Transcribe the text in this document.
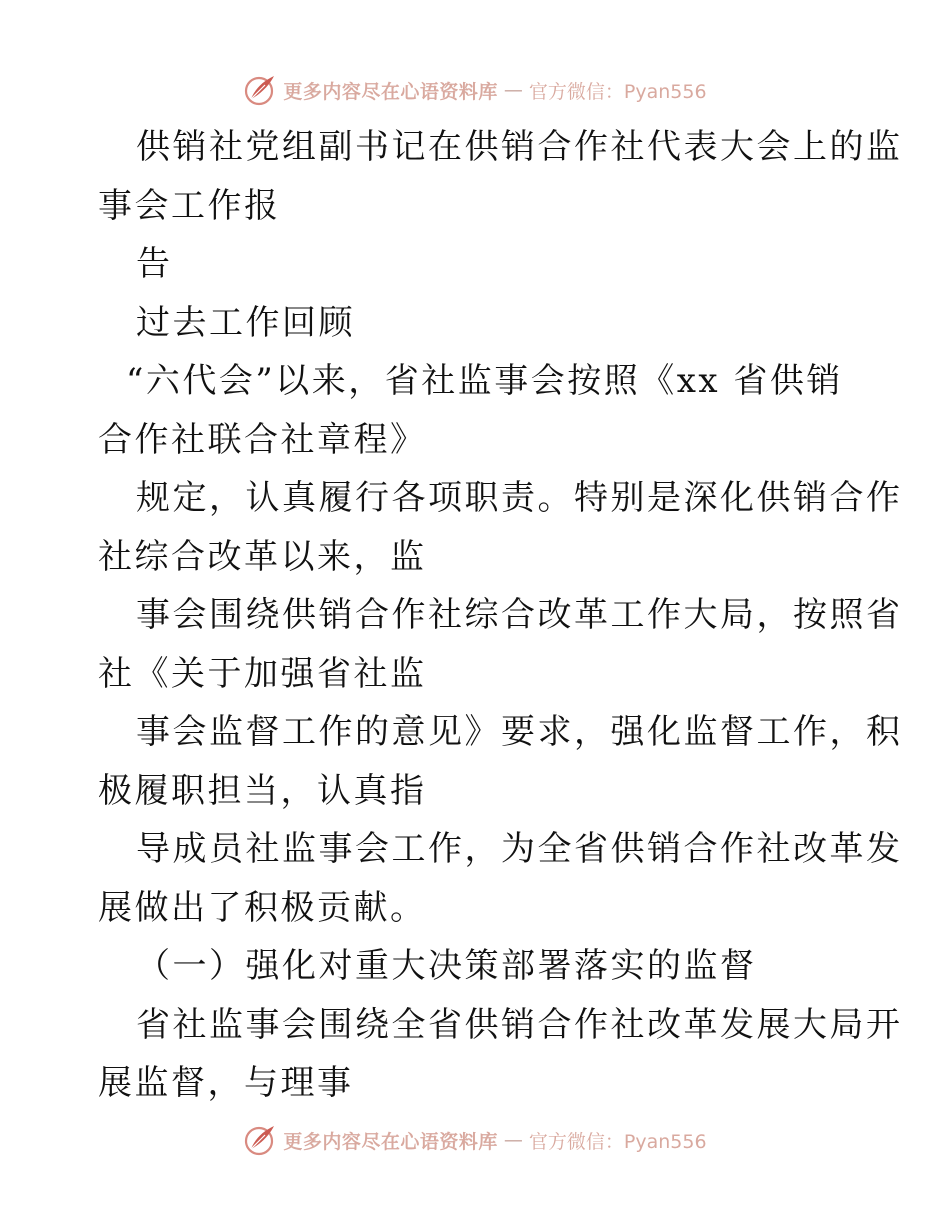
更多内容尽在心语资料库 — 官方微信：Pyan556
供销社党组副书记在供销合作社代表大会上的监
事会工作报
告
过去工作回顾
“六代会”以来，省社监事会按照《xx 省供销
合作社联合社章程》
规定，认真履行各项职责。特别是深化供销合作
社综合改革以来，监
事会围绕供销合作社综合改革工作大局，按照省
社《关于加强省社监
事会监督工作的意见》要求，强化监督工作，积
极履职担当，认真指
导成员社监事会工作，为全省供销合作社改革发
展做出了积极贡献。
（一）强化对重大决策部署落实的监督
省社监事会围绕全省供销合作社改革发展大局开
展监督，与理事
更多内容尽在心语资料库 — 官方微信：Pyan556
